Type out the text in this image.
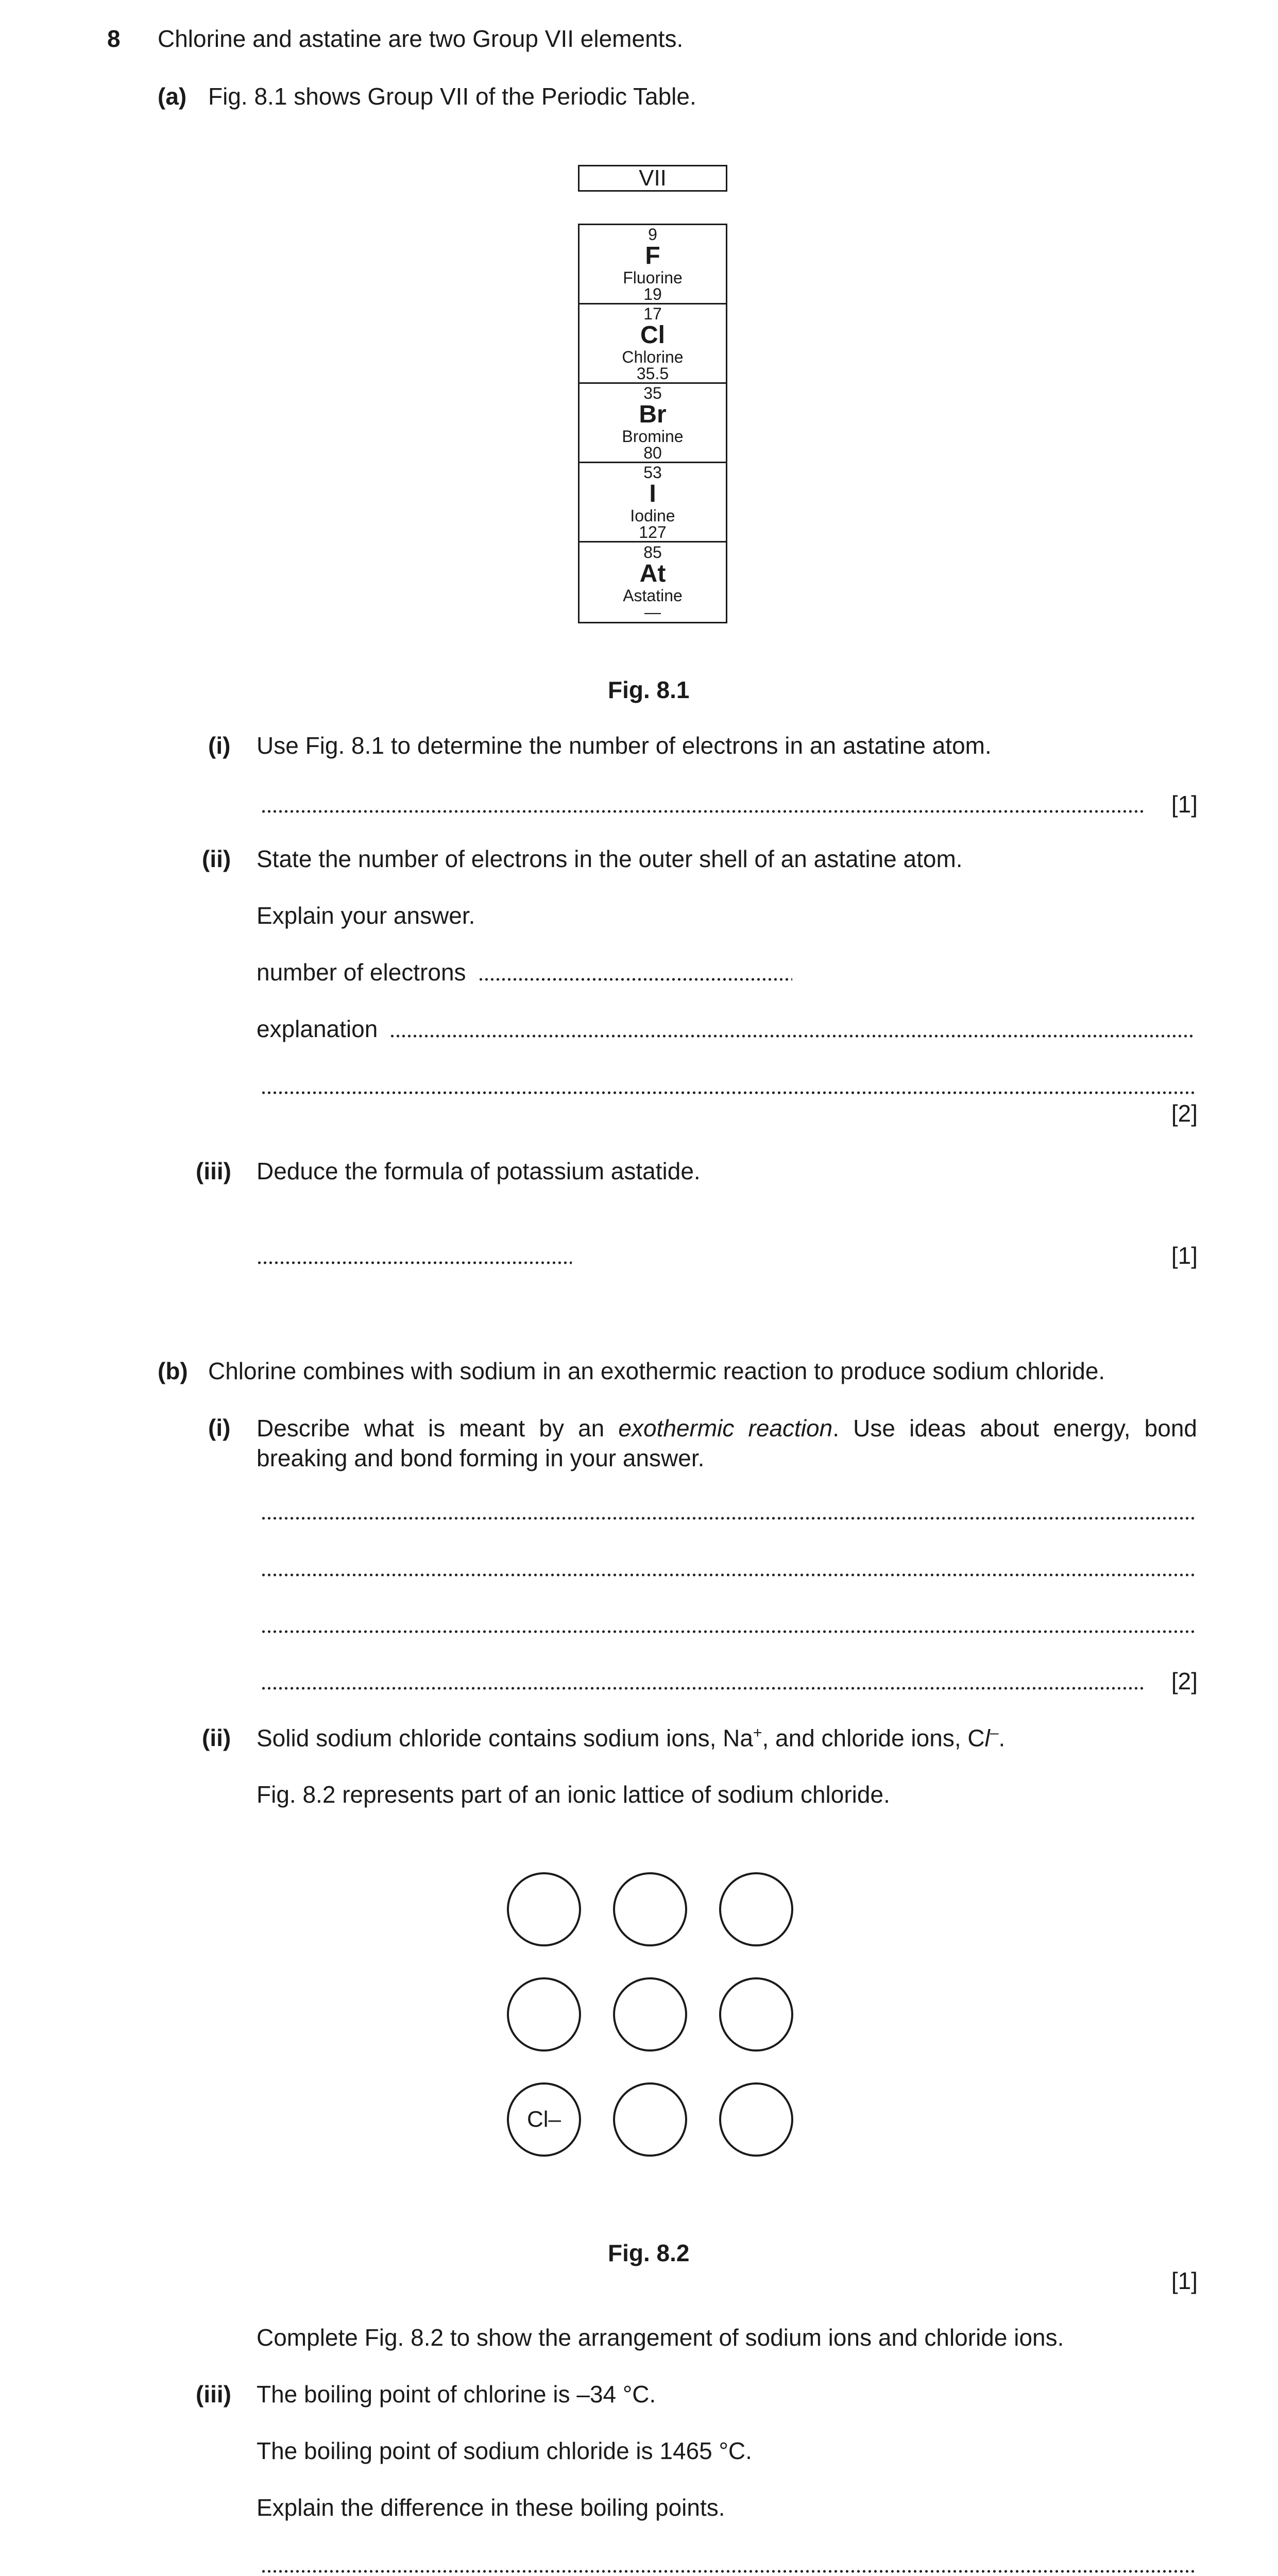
8 Chlorine and astatine are two Group VII elements.
(a) Fig. 8.1 shows Group VII of the Periodic Table.
VII
9
F
Fluorine
19
17
Cl
Chlorine
35.5
35
Br
Bromine
80
53
I
Iodine
127
85
At
Astatine
—
Fig. 8.1
(i) Use Fig. 8.1 to determine the number of electrons in an astatine atom.
[1]
(ii) State the number of electrons in the outer shell of an astatine atom.
Explain your answer.
number of electrons
explanation
[2]
(iii) Deduce the formula of potassium astatide.
[1]
(b) Chlorine combines with sodium in an exothermic reaction to produce sodium chloride.
(i) Describe what is meant by an exothermic reaction. Use ideas about energy, bond breaking and bond forming in your answer.
[2]
(ii) Solid sodium chloride contains sodium ions, Na+, and chloride ions, Cl–.
Fig. 8.2 represents part of an ionic lattice of sodium chloride.
Cl–
Fig. 8.2
[1]
Complete Fig. 8.2 to show the arrangement of sodium ions and chloride ions.
(iii) The boiling point of chlorine is –34 °C.
The boiling point of sodium chloride is 1465 °C.
Explain the difference in these boiling points.
